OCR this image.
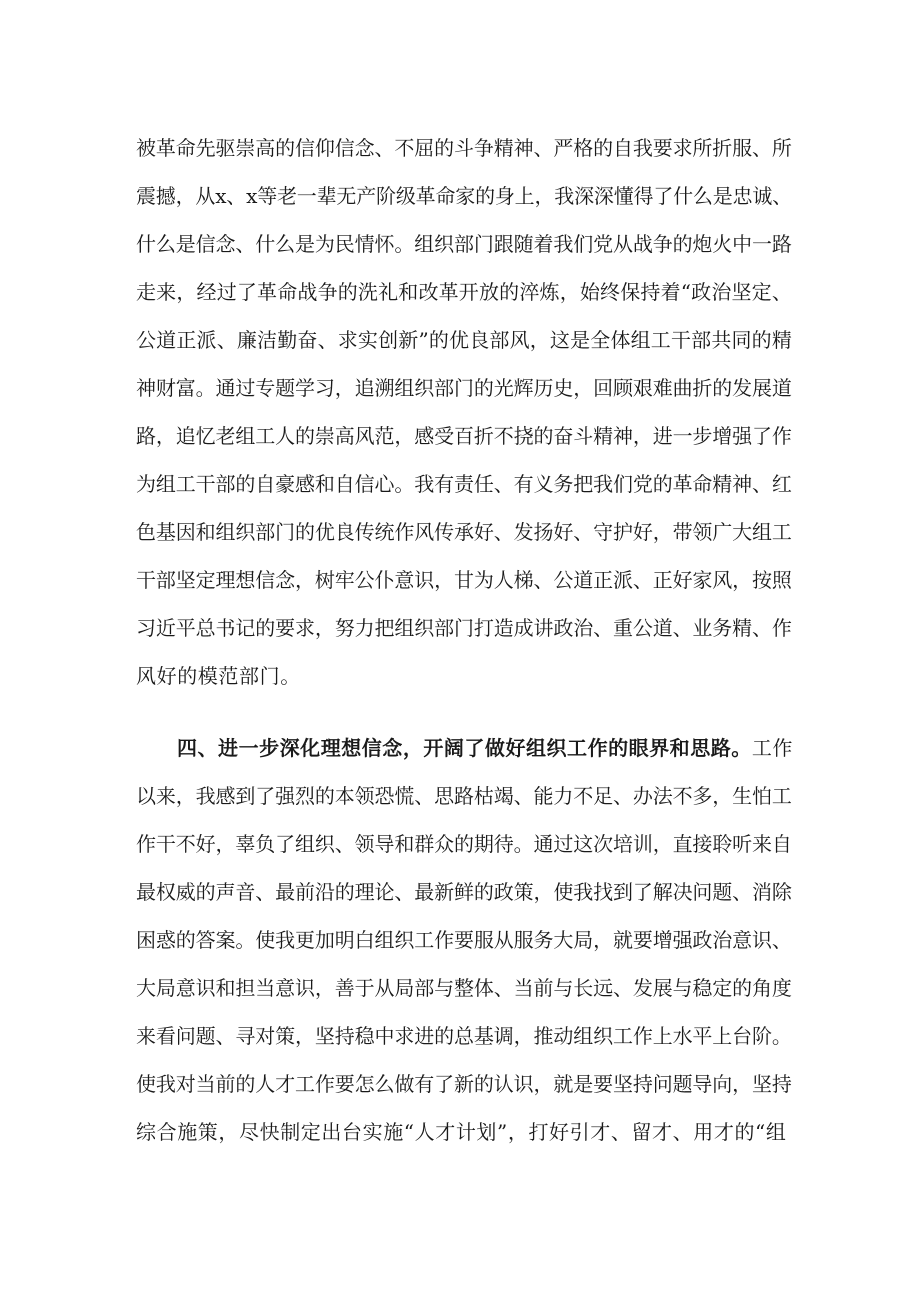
被革命先驱崇高的信仰信念、不屈的斗争精神、严格的自我要求所折服、所
震撼，从x、x等老一辈无产阶级革命家的身上，我深深懂得了什么是忠诚、
什么是信念、什么是为民情怀。组织部门跟随着我们党从战争的炮火中一路
走来，经过了革命战争的洗礼和改革开放的淬炼，始终保持着“政治坚定、
公道正派、廉洁勤奋、求实创新”的优良部风，这是全体组工干部共同的精
神财富。通过专题学习，追溯组织部门的光辉历史，回顾艰难曲折的发展道
路，追忆老组工人的崇高风范，感受百折不挠的奋斗精神，进一步增强了作
为组工干部的自豪感和自信心。我有责任、有义务把我们党的革命精神、红
色基因和组织部门的优良传统作风传承好、发扬好、守护好，带领广大组工
干部坚定理想信念，树牢公仆意识，甘为人梯、公道正派、正好家风，按照
习近平总书记的要求，努力把组织部门打造成讲政治、重公道、业务精、作
风好的模范部门。
四、进一步深化理想信念，开阔了做好组织工作的眼界和思路。工作
以来，我感到了强烈的本领恐慌、思路枯竭、能力不足、办法不多，生怕工
作干不好，辜负了组织、领导和群众的期待。通过这次培训，直接聆听来自
最权威的声音、最前沿的理论、最新鲜的政策，使我找到了解决问题、消除
困惑的答案。使我更加明白组织工作要服从服务大局，就要增强政治意识、
大局意识和担当意识，善于从局部与整体、当前与长远、发展与稳定的角度
来看问题、寻对策，坚持稳中求进的总基调，推动组织工作上水平上台阶。
使我对当前的人才工作要怎么做有了新的认识，就是要坚持问题导向，坚持
综合施策，尽快制定出台实施“人才计划”，打好引才、留才、用才的“组
